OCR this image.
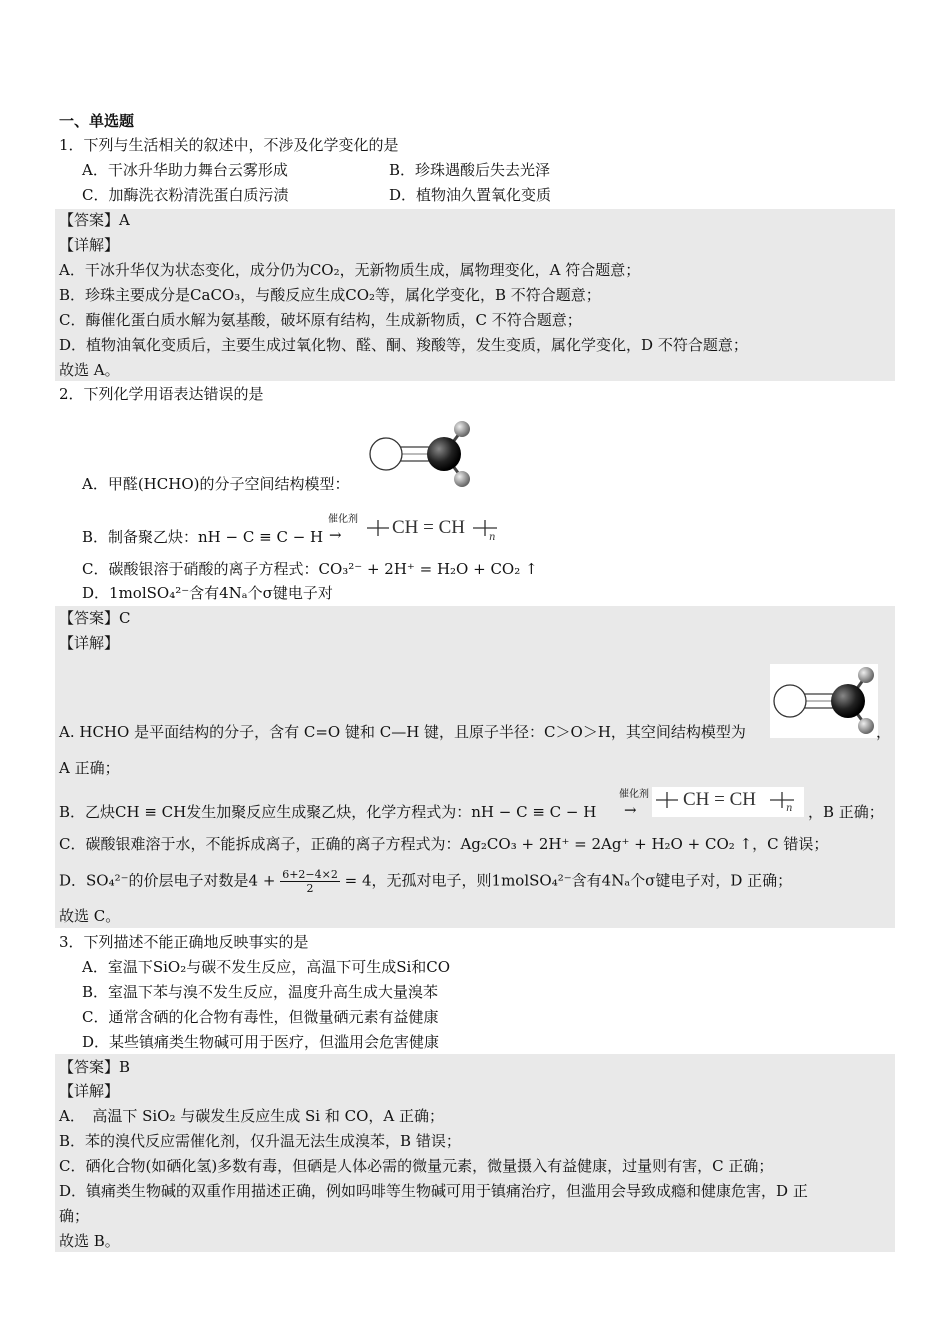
一、单选题
1．下列与生活相关的叙述中，不涉及化学变化的是
A．干冰升华助力舞台云雾形成	B．珍珠遇酸后失去光泽
C．加酶洗衣粉清洗蛋白质污渍	D．植物油久置氧化变质
【答案】A
【详解】
A．干冰升华仅为状态变化，成分仍为CO₂，无新物质生成，属物理变化，A 符合题意；
B．珍珠主要成分是CaCO₃，与酸反应生成CO₂等，属化学变化，B 不符合题意；
C．酶催化蛋白质水解为氨基酸，破坏原有结构，生成新物质，C 不符合题意；
D．植物油氧化变质后，主要生成过氧化物、醛、酮、羧酸等，发生变质，属化学变化，D 不符合题意；
故选 A。
2．下列化学用语表达错误的是
A．甲醛(HCHO)的分子空间结构模型：
B．制备聚乙炔：nH − C ≡ C − H
催化剂
→	CH = CH n
C．碳酸银溶于硝酸的离子方程式：CO₃²⁻ + 2H⁺ = H₂O + CO₂ ↑
D．1molSO₄²⁻含有4Nₐ个σ键电子对
【答案】C
【详解】
A. HCHO 是平面结构的分子，含有 C=O 键和 C—H 键，且原子半径：C＞O＞H，其空间结构模型为	，
A 正确；
B．乙炔CH ≡ CH发生加聚反应生成聚乙炔，化学方程式为：nH − C ≡ C − H
催化剂
→ CH = CH	n ，B 正确；
C．碳酸银难溶于水，不能拆成离子，正确的离子方程式为：Ag₂CO₃ + 2H⁺ = 2Ag⁺ + H₂O + CO₂ ↑，C 错误；
D．SO₄²⁻的价层电子对数是$4 + \frac{6+2-4\times 2}{2} = 4$，无孤对电子，则1molSO₄²⁻含有4Nₐ个σ键电子对，D 正确；
故选 C。
3．下列描述不能正确地反映事实的是
A．室温下SiO₂与碳不发生反应，高温下可生成Si和CO
B．室温下苯与溴不发生反应，温度升高生成大量溴苯
C．通常含硒的化合物有毒性，但微量硒元素有益健康
D．某些镇痛类生物碱可用于医疗，但滥用会危害健康
【答案】B
【详解】
A．　高温下 SiO₂ 与碳发生反应生成 Si 和 CO，A 正确；
B．苯的溴代反应需催化剂，仅升温无法生成溴苯，B 错误；
C．硒化合物(如硒化氢)多数有毒，但硒是人体必需的微量元素，微量摄入有益健康，过量则有害，C 正确；
D．镇痛类生物碱的双重作用描述正确，例如吗啡等生物碱可用于镇痛治疗，但滥用会导致成瘾和健康危害，D 正
确；
故选 B。
